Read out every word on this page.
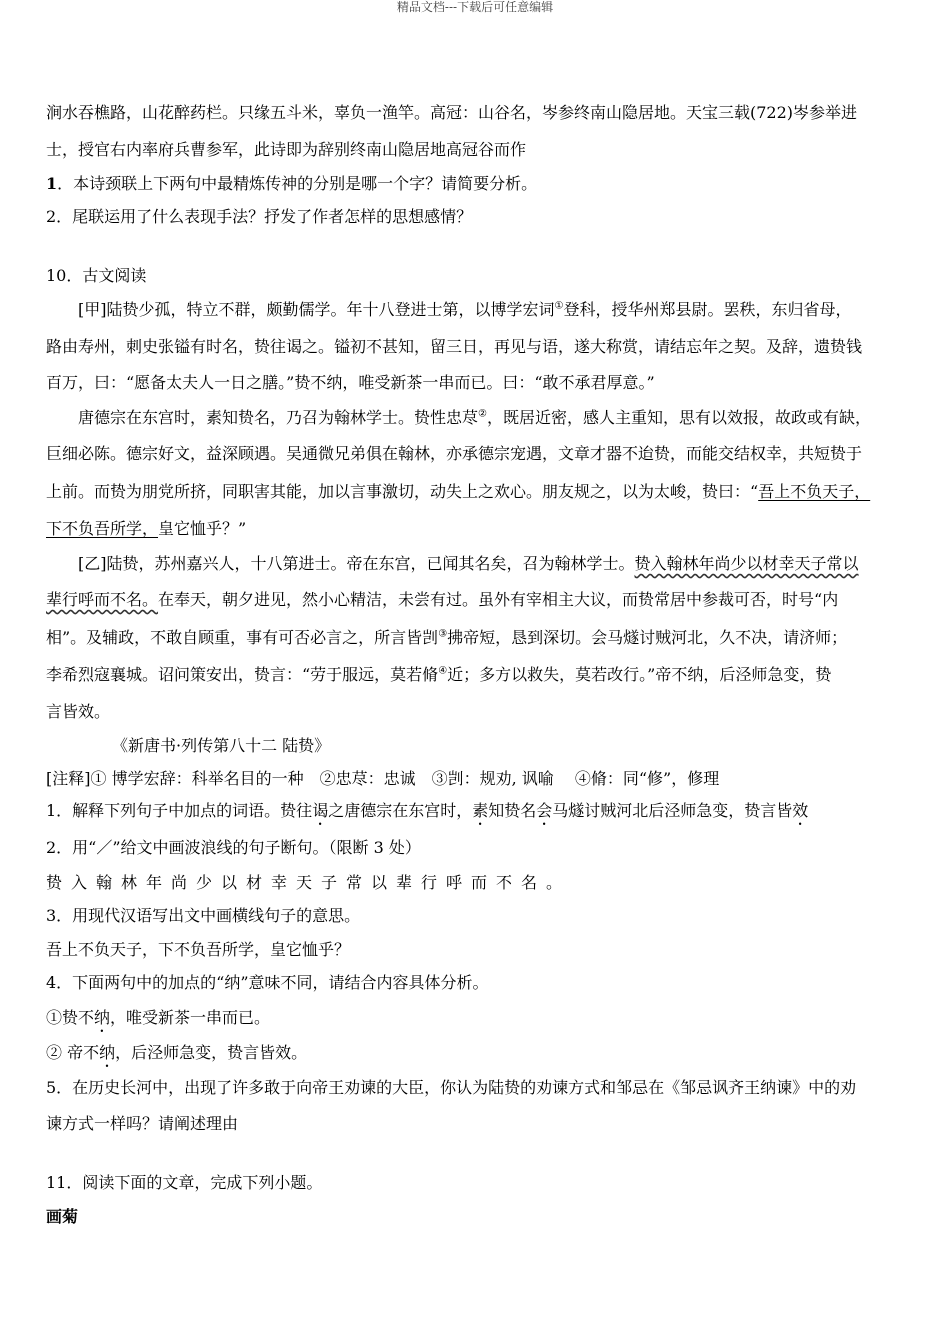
精品文档---下载后可任意编辑
涧水吞樵路，山花醉药栏。只缘五斗米，辜负一渔竿。高冠：山谷名，岑参终南山隐居地。天宝三载(722)岑参举进
士，授官右内率府兵曹参军，此诗即为辞别终南山隐居地高冠谷而作
1．本诗颈联上下两句中最精炼传神的分别是哪一个字？请简要分析。
2．尾联运用了什么表现手法？抒发了作者怎样的思想感情？
10．古文阅读
[甲]陆贽少孤，特立不群，颇勤儒学。年十八登进士第，以博学宏词①登科，授华州郑县尉。罢秩，东归省母，
路由寿州，刺史张镒有时名，贽往谒之。镒初不甚知，留三日，再见与语，遂大称赏，请结忘年之契。及辞，遗贽钱
百万，曰：“愿备太夫人一日之膳。”贽不纳，唯受新茶一串而已。曰：“敢不承君厚意。”
唐德宗在东宫时，素知贽名，乃召为翰林学士。贽性忠荩②，既居近密，感人主重知，思有以效报，故政或有缺，
巨细必陈。德宗好文，益深顾遇。吴通微兄弟俱在翰林，亦承德宗宠遇，文章才器不迨贽，而能交结权幸，共短贽于
上前。而贽为朋党所挤，同职害其能，加以言事激切，动失上之欢心。朋友规之，以为太峻，贽曰：“吾上不负天子，
下不负吾所学，皇它恤乎？”
[乙]陆贽，苏州嘉兴人，十八第进士。帝在东宫，已闻其名矣，召为翰林学士。贽入翰林年尚少以材幸天子常以
辈行呼而不名。在奉天，朝夕进见，然小心精洁，未尝有过。虽外有宰相主大议，而贽常居中参裁可否，时号“内
相”。及辅政，不敢自顾重，事有可否必言之，所言皆剀③拂帝短，恳到深切。会马燧讨贼河北，久不决，请济师；
李希烈寇襄城。诏问策安出，贽言：“劳于服远，莫若脩④近；多方以救失，莫若改行。”帝不纳，后泾师急变，贽
言皆效。
《新唐书·列传第八十二 陆贽》
[注释]① 博学宏辞：科举名目的一种　②忠荩：忠诚　③剀：规劝, 讽喻　 ④脩：同“修”，修理
1．解释下列句子中加点的词语。贽往谒之唐德宗在东宫时，素知贽名会马燧讨贼河北后泾师急变，贽言皆效
2．用“／”给文中画波浪线的句子断句。（限断 3 处）
贽入翰林年尚少以材幸天子常以辈行呼而不名。
3．用现代汉语写出文中画横线句子的意思。
吾上不负天子，下不负吾所学，皇它恤乎？
4．下面两句中的加点的“纳”意味不同，请结合内容具体分析。
①贽不纳，唯受新茶一串而已。
② 帝不纳，后泾师急变，贽言皆效。
5．在历史长河中，出现了许多敢于向帝王劝谏的大臣，你认为陆贽的劝谏方式和邹忌在《邹忌讽齐王纳谏》中的劝
谏方式一样吗？请阐述理由
11．阅读下面的文章，完成下列小题。
画菊
